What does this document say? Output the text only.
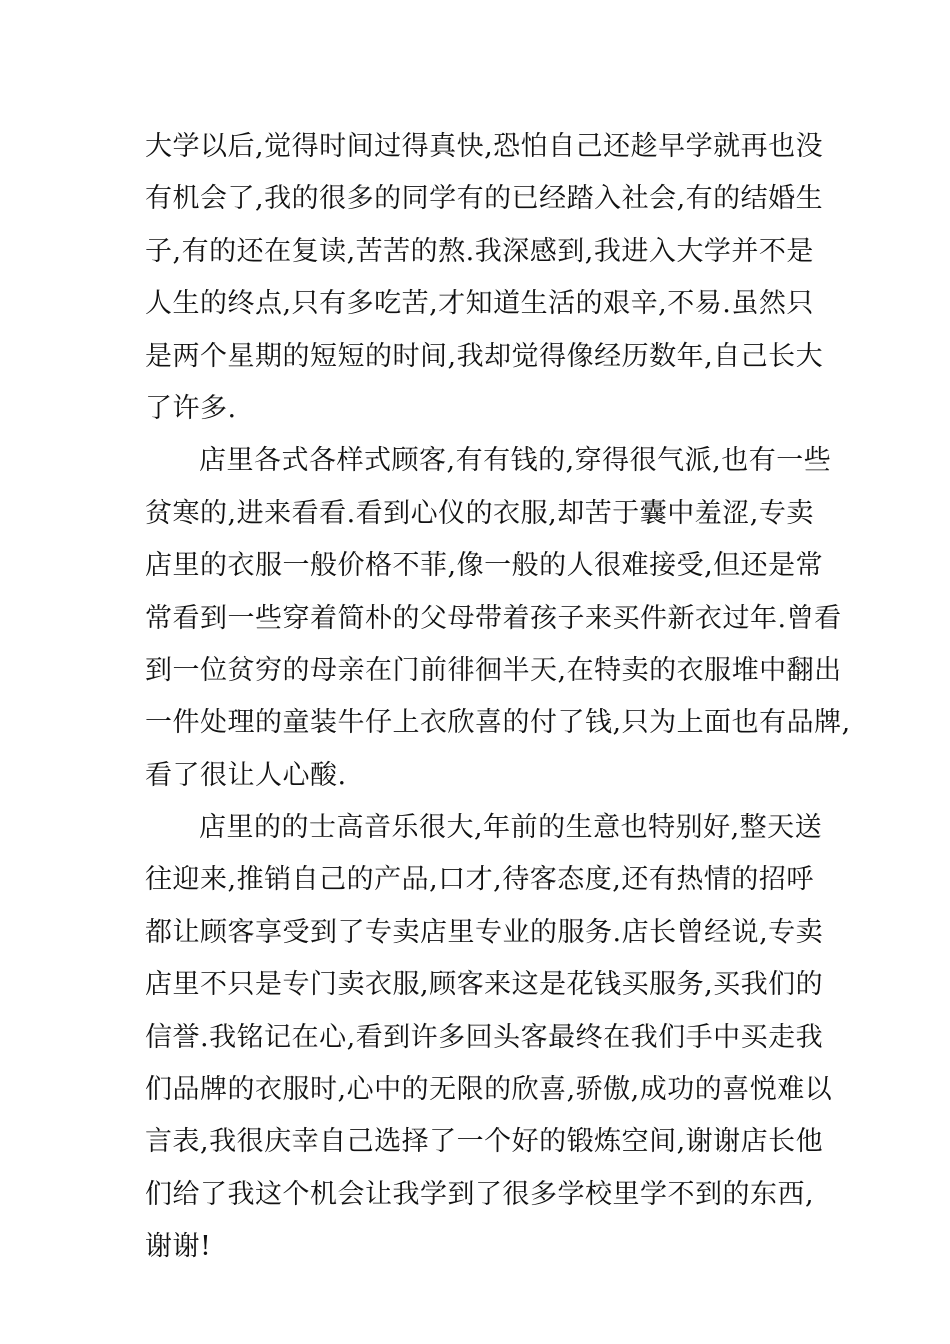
大学以后,觉得时间过得真快,恐怕自己还趁早学就再也没
有机会了,我的很多的同学有的已经踏入社会,有的结婚生
子,有的还在复读,苦苦的熬.我深感到,我进入大学并不是
人生的终点,只有多吃苦,才知道生活的艰辛,不易.虽然只
是两个星期的短短的时间,我却觉得像经历数年,自己长大
了许多.
店里各式各样式顾客,有有钱的,穿得很气派,也有一些
贫寒的,进来看看.看到心仪的衣服,却苦于囊中羞涩,专卖
店里的衣服一般价格不菲,像一般的人很难接受,但还是常
常看到一些穿着简朴的父母带着孩子来买件新衣过年.曾看
到一位贫穷的母亲在门前徘徊半天,在特卖的衣服堆中翻出
一件处理的童装牛仔上衣欣喜的付了钱,只为上面也有品牌,
看了很让人心酸.
店里的的士高音乐很大,年前的生意也特别好,整天送
往迎来,推销自己的产品,口才,待客态度,还有热情的招呼
都让顾客享受到了专卖店里专业的服务.店长曾经说,专卖
店里不只是专门卖衣服,顾客来这是花钱买服务,买我们的
信誉.我铭记在心,看到许多回头客最终在我们手中买走我
们品牌的衣服时,心中的无限的欣喜,骄傲,成功的喜悦难以
言表,我很庆幸自己选择了一个好的锻炼空间,谢谢店长他
们给了我这个机会让我学到了很多学校里学不到的东西,
谢谢!
